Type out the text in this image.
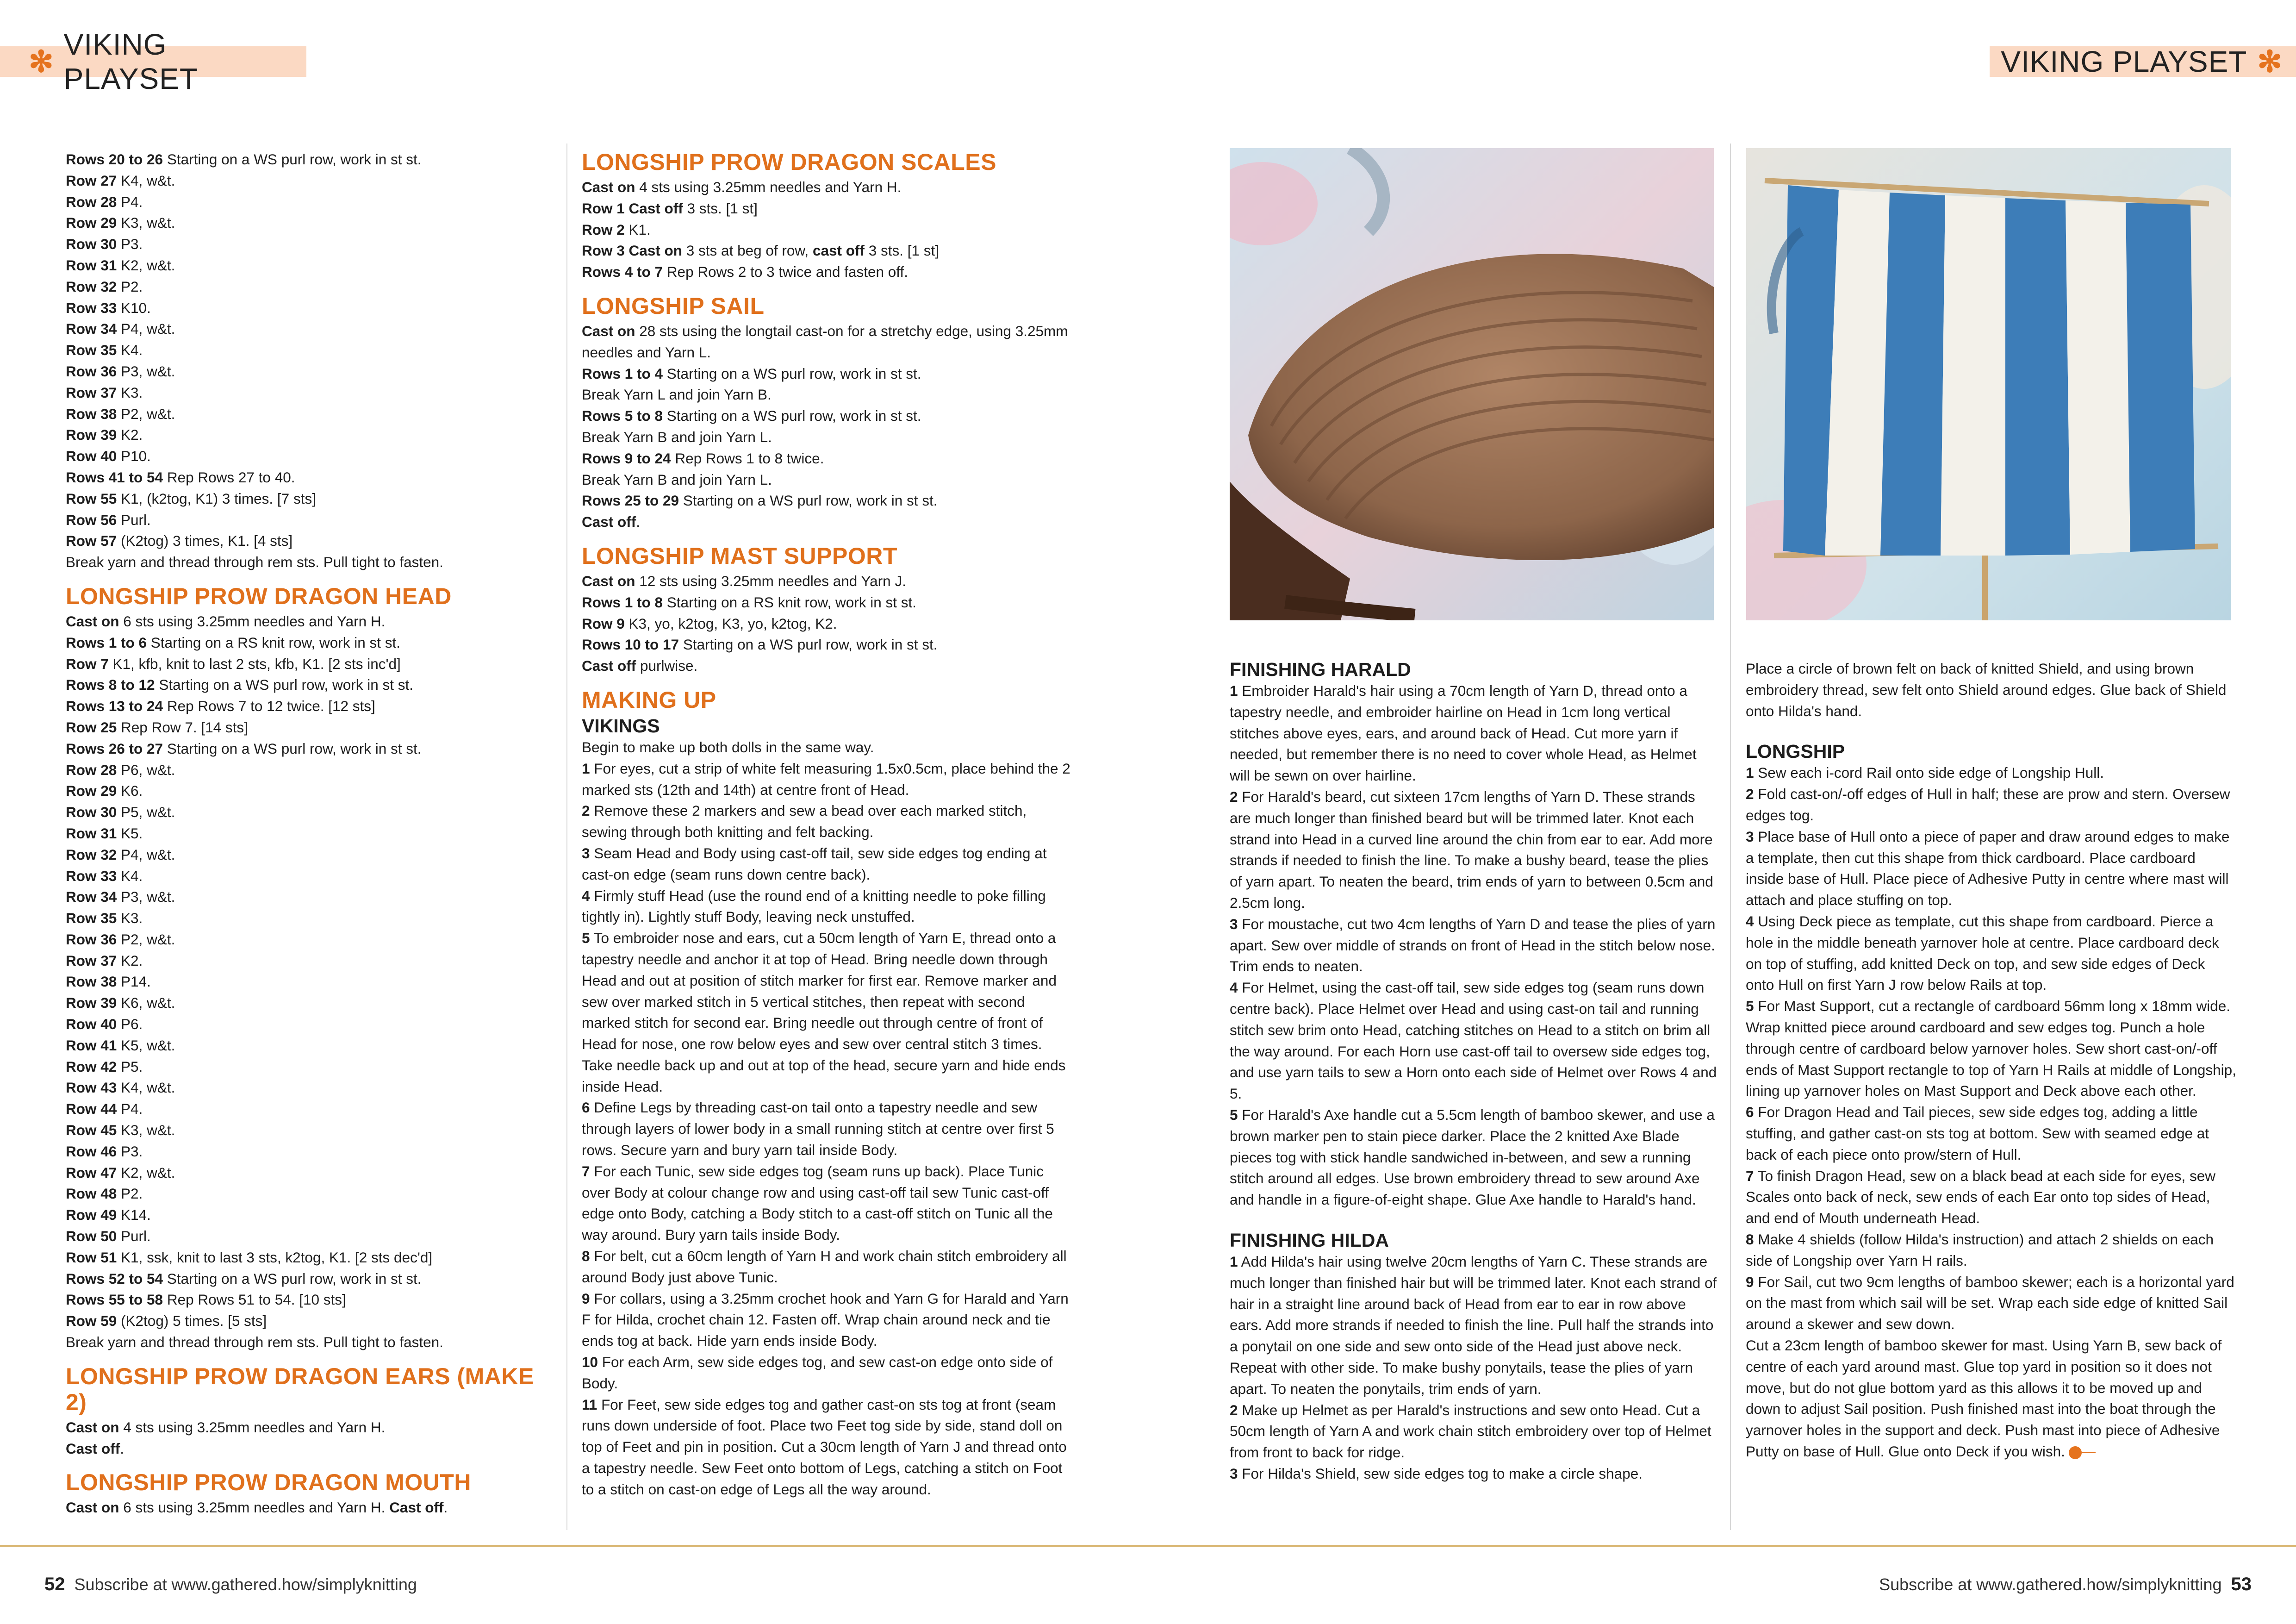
✻
VIKING PLAYSET
VIKING PLAYSET ✻

Rows 20 to 26 Starting on a WS purl row, work in st st.

Row 27 K4, w&t.

Row 28 P4.

Row 29 K3, w&t.

Row 30 P3.

Row 31 K2, w&t.

Row 32 P2.

Row 33 K10.

Row 34 P4, w&t.

Row 35 K4.

Row 36 P3, w&t.

Row 37 K3.

Row 38 P2, w&t.

Row 39 K2.

Row 40 P10.

Rows 41 to 54 Rep Rows 27 to 40.

Row 55 K1, (k2tog, K1) 3 times. [7 sts]

Row 56 Purl.

Row 57 (K2tog) 3 times, K1. [4 sts]

Break yarn and thread through rem sts. Pull tight to fasten.

LONGSHIP PROW DRAGON HEAD

Cast on 6 sts using 3.25mm needles and Yarn H.

Rows 1 to 6 Starting on a RS knit row, work in st st.

Row 7 K1, kfb, knit to last 2 sts, kfb, K1. [2 sts inc'd]

Rows 8 to 12 Starting on a WS purl row, work in st st.

Rows 13 to 24 Rep Rows 7 to 12 twice. [12 sts]

Row 25 Rep Row 7. [14 sts]

Rows 26 to 27 Starting on a WS purl row, work in st st.

Row 28 P6, w&t.

Row 29 K6.

Row 30 P5, w&t.

Row 31 K5.

Row 32 P4, w&t.

Row 33 K4.

Row 34 P3, w&t.

Row 35 K3.

Row 36 P2, w&t.

Row 37 K2.

Row 38 P14.

Row 39 K6, w&t.

Row 40 P6.

Row 41 K5, w&t.

Row 42 P5.

Row 43 K4, w&t.

Row 44 P4.

Row 45 K3, w&t.

Row 46 P3.

Row 47 K2, w&t.

Row 48 P2.

Row 49 K14.

Row 50 Purl.

Row 51 K1, ssk, knit to last 3 sts, k2tog, K1. [2 sts dec'd]

Rows 52 to 54 Starting on a WS purl row, work in st st.

Rows 55 to 58 Rep Rows 51 to 54. [10 sts]

Row 59 (K2tog) 5 times. [5 sts]

Break yarn and thread through rem sts. Pull tight to fasten.

LONGSHIP PROW DRAGON EARS (MAKE 2)

Cast on 4 sts using 3.25mm needles and Yarn H.

Cast off.

LONGSHIP PROW DRAGON MOUTH

Cast on 6 sts using 3.25mm needles and Yarn H. Cast off.

LONGSHIP PROW DRAGON SCALES

Cast on 4 sts using 3.25mm needles and Yarn H.

Row 1 Cast off 3 sts. [1 st]

Row 2 K1.

Row 3 Cast on 3 sts at beg of row, cast off 3 sts. [1 st]

Rows 4 to 7 Rep Rows 2 to 3 twice and fasten off.

LONGSHIP SAIL

Cast on 28 sts using the longtail cast-on for a stretchy edge, using 3.25mm needles and Yarn L.

Rows 1 to 4 Starting on a WS purl row, work in st st.

Break Yarn L and join Yarn B.

Rows 5 to 8 Starting on a WS purl row, work in st st.

Break Yarn B and join Yarn L.

Rows 9 to 24 Rep Rows 1 to 8 twice.

Break Yarn B and join Yarn L.

Rows 25 to 29 Starting on a WS purl row, work in st st.

Cast off.

LONGSHIP MAST SUPPORT

Cast on 12 sts using 3.25mm needles and Yarn J.

Rows 1 to 8 Starting on a RS knit row, work in st st.

Row 9 K3, yo, k2tog, K3, yo, k2tog, K2.

Rows 10 to 17 Starting on a WS purl row, work in st st.

Cast off purlwise.

MAKING UP
VIKINGS

Begin to make up both dolls in the same way.

1 For eyes, cut a strip of white felt measuring 1.5x0.5cm, place behind the 2 marked sts (12th and 14th) at centre front of Head.

2 Remove these 2 markers and sew a bead over each marked stitch, sewing through both knitting and felt backing.

3 Seam Head and Body using cast-off tail, sew side edges tog ending at cast-on edge (seam runs down centre back).

4 Firmly stuff Head (use the round end of a knitting needle to poke filling tightly in). Lightly stuff Body, leaving neck unstuffed.

5 To embroider nose and ears, cut a 50cm length of Yarn E, thread onto a tapestry needle and anchor it at top of Head. Bring needle down through Head and out at position of stitch marker for first ear. Remove marker and sew over marked stitch in 5 vertical stitches, then repeat with second marked stitch for second ear. Bring needle out through centre of front of Head for nose, one row below eyes and sew over central stitch 3 times. Take needle back up and out at top of the head, secure yarn and hide ends inside Head.

6 Define Legs by threading cast-on tail onto a tapestry needle and sew through layers of lower body in a small running stitch at centre over first 5 rows. Secure yarn and bury yarn tail inside Body.

7 For each Tunic, sew side edges tog (seam runs up back). Place Tunic over Body at colour change row and using cast-off tail sew Tunic cast-off edge onto Body, catching a Body stitch to a cast-off stitch on Tunic all the way around. Bury yarn tails inside Body.

8 For belt, cut a 60cm length of Yarn H and work chain stitch embroidery all around Body just above Tunic.

9 For collars, using a 3.25mm crochet hook and Yarn G for Harald and Yarn F for Hilda, crochet chain 12. Fasten off. Wrap chain around neck and tie ends tog at back. Hide yarn ends inside Body.

10 For each Arm, sew side edges tog, and sew cast-on edge onto side of Body.

11 For Feet, sew side edges tog and gather cast-on sts tog at front (seam runs down underside of foot. Place two Feet tog side by side, stand doll on top of Feet and pin in position. Cut a 30cm length of Yarn J and thread onto a tapestry needle. Sew Feet onto bottom of Legs, catching a stitch on Foot to a stitch on cast-on edge of Legs all the way around.

FINISHING HARALD

1 Embroider Harald's hair using a 70cm length of Yarn D, thread onto a tapestry needle, and embroider hairline on Head in 1cm long vertical stitches above eyes, ears, and around back of Head. Cut more yarn if needed, but remember there is no need to cover whole Head, as Helmet will be sewn on over hairline.

2 For Harald's beard, cut sixteen 17cm lengths of Yarn D. These strands are much longer than finished beard but will be trimmed later. Knot each strand into Head in a curved line around the chin from ear to ear. Add more strands if needed to finish the line. To make a bushy beard, tease the plies of yarn apart. To neaten the beard, trim ends of yarn to between 0.5cm and 2.5cm long.

3 For moustache, cut two 4cm lengths of Yarn D and tease the plies of yarn apart. Sew over middle of strands on front of Head in the stitch below nose. Trim ends to neaten.

4 For Helmet, using the cast-off tail, sew side edges tog (seam runs down centre back). Place Helmet over Head and using cast-on tail and running stitch sew brim onto Head, catching stitches on Head to a stitch on brim all the way around. For each Horn use cast-off tail to oversew side edges tog, and use yarn tails to sew a Horn onto each side of Helmet over Rows 4 and 5.

5 For Harald's Axe handle cut a 5.5cm length of bamboo skewer, and use a brown marker pen to stain piece darker. Place the 2 knitted Axe Blade pieces tog with stick handle sandwiched in-between, and sew a running stitch around all edges. Use brown embroidery thread to sew around Axe and handle in a figure-of-eight shape. Glue Axe handle to Harald's hand.

FINISHING HILDA

1 Add Hilda's hair using twelve 20cm lengths of Yarn C. These strands are much longer than finished hair but will be trimmed later. Knot each strand of hair in a straight line around back of Head from ear to ear in row above ears. Add more strands if needed to finish the line. Pull half the strands into a ponytail on one side and sew onto side of the Head just above neck. Repeat with other side. To make bushy ponytails, tease the plies of yarn apart. To neaten the ponytails, trim ends of yarn.

2 Make up Helmet as per Harald's instructions and sew onto Head. Cut a 50cm length of Yarn A and work chain stitch embroidery over top of Helmet from front to back for ridge.

3 For Hilda's Shield, sew side edges tog to make a circle shape.

Place a circle of brown felt on back of knitted Shield, and using brown embroidery thread, sew felt onto Shield around edges. Glue back of Shield onto Hilda's hand.

LONGSHIP

1 Sew each i-cord Rail onto side edge of Longship Hull.

2 Fold cast-on/-off edges of Hull in half; these are prow and stern. Oversew edges tog.

3 Place base of Hull onto a piece of paper and draw around edges to make a template, then cut this shape from thick cardboard. Place cardboard inside base of Hull. Place piece of Adhesive Putty in centre where mast will attach and place stuffing on top.

4 Using Deck piece as template, cut this shape from cardboard. Pierce a hole in the middle beneath yarnover hole at centre. Place cardboard deck on top of stuffing, add knitted Deck on top, and sew side edges of Deck onto Hull on first Yarn J row below Rails at top.

5 For Mast Support, cut a rectangle of cardboard 56mm long x 18mm wide. Wrap knitted piece around cardboard and sew edges tog. Punch a hole through centre of cardboard below yarnover holes. Sew short cast-on/-off ends of Mast Support rectangle to top of Yarn H Rails at middle of Longship, lining up yarnover holes on Mast Support and Deck above each other.

6 For Dragon Head and Tail pieces, sew side edges tog, adding a little stuffing, and gather cast-on sts tog at bottom. Sew with seamed edge at back of each piece onto prow/stern of Hull.

7 To finish Dragon Head, sew on a black bead at each side for eyes, sew Scales onto back of neck, sew ends of each Ear onto top sides of Head, and end of Mouth underneath Head.

8 Make 4 shields (follow Hilda's instruction) and attach 2 shields on each side of Longship over Yarn H rails.

9 For Sail, cut two 9cm lengths of bamboo skewer; each is a horizontal yard on the mast from which sail will be set. Wrap each side edge of knitted Sail around a skewer and sew down.

Cut a 23cm length of bamboo skewer for mast. Using Yarn B, sew back of centre of each yard around mast. Glue top yard in position so it does not move, but do not glue bottom yard as this allows it to be moved up and down to adjust Sail position. Push finished mast into the boat through the yarnover holes in the support and deck. Push mast into piece of Adhesive Putty on base of Hull. Glue onto Deck if you wish.

52 Subscribe at www.gathered.how/simplyknitting	Subscribe at www.gathered.how/simplyknitting 53
